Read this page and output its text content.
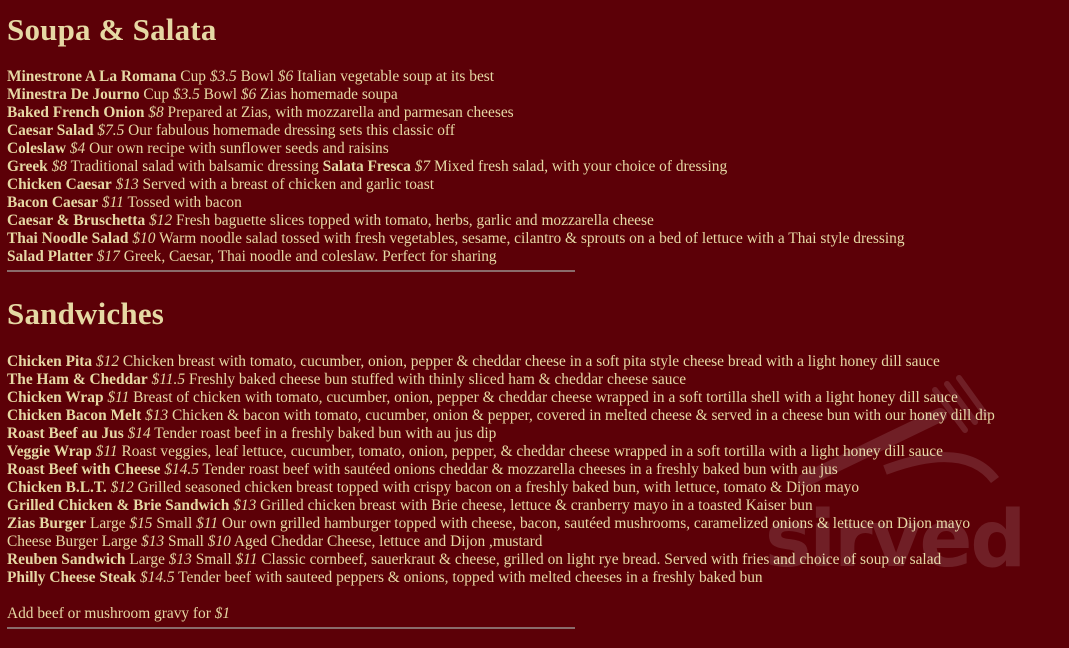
Soupa & Salata
Minestrone A La Romana Cup $3.5 Bowl $6 Italian vegetable soup at its best
Minestra De Journo Cup $3.5 Bowl $6 Zias homemade soupa
Baked French Onion $8 Prepared at Zias, with mozzarella and parmesan cheeses
Caesar Salad $7.5 Our fabulous homemade dressing sets this classic off
Coleslaw $4 Our own recipe with sunflower seeds and raisins
Greek $8 Traditional salad with balsamic dressing Salata Fresca $7 Mixed fresh salad, with your choice of dressing
Chicken Caesar $13 Served with a breast of chicken and garlic toast
Bacon Caesar $11 Tossed with bacon
Caesar & Bruschetta $12 Fresh baguette slices topped with tomato, herbs, garlic and mozzarella cheese
Thai Noodle Salad $10 Warm noodle salad tossed with fresh vegetables, sesame, cilantro & sprouts on a bed of lettuce with a Thai style dressing
Salad Platter $17 Greek, Caesar, Thai noodle and coleslaw. Perfect for sharing
Sandwiches
Chicken Pita $12 Chicken breast with tomato, cucumber, onion, pepper & cheddar cheese in a soft pita style cheese bread with a light honey dill sauce
The Ham & Cheddar $11.5 Freshly baked cheese bun stuffed with thinly sliced ham & cheddar cheese sauce
Chicken Wrap $11 Breast of chicken with tomato, cucumber, onion, pepper & cheddar cheese wrapped in a soft tortilla shell with a light honey dill sauce
Chicken Bacon Melt $13 Chicken & bacon with tomato, cucumber, onion & pepper, covered in melted cheese & served in a cheese bun with our honey dill dip
Roast Beef au Jus $14 Tender roast beef in a freshly baked bun with au jus dip
Veggie Wrap $11 Roast veggies, leaf lettuce, cucumber, tomato, onion, pepper, & cheddar cheese wrapped in a soft tortilla with a light honey dill sauce
Roast Beef with Cheese $14.5 Tender roast beef with sautéed onions cheddar & mozzarella cheeses in a freshly baked bun with au jus
Chicken B.L.T. $12 Grilled seasoned chicken breast topped with crispy bacon on a freshly baked bun, with lettuce, tomato & Dijon mayo
Grilled Chicken & Brie Sandwich $13 Grilled chicken breast with Brie cheese, lettuce & cranberry mayo in a toasted Kaiser bun
Zias Burger Large $15 Small $11 Our own grilled hamburger topped with cheese, bacon, sautéed mushrooms, caramelized onions & lettuce on Dijon mayo
Cheese Burger Large $13 Small $10 Aged Cheddar Cheese, lettuce and Dijon ,mustard
Reuben Sandwich Large $13 Small $11 Classic cornbeef, sauerkraut & cheese, grilled on light rye bread. Served with fries and choice of soup or salad
Philly Cheese Steak $14.5 Tender beef with sauteed peppers & onions, topped with melted cheeses in a freshly baked bun
Add beef or mushroom gravy for $1
sirved
